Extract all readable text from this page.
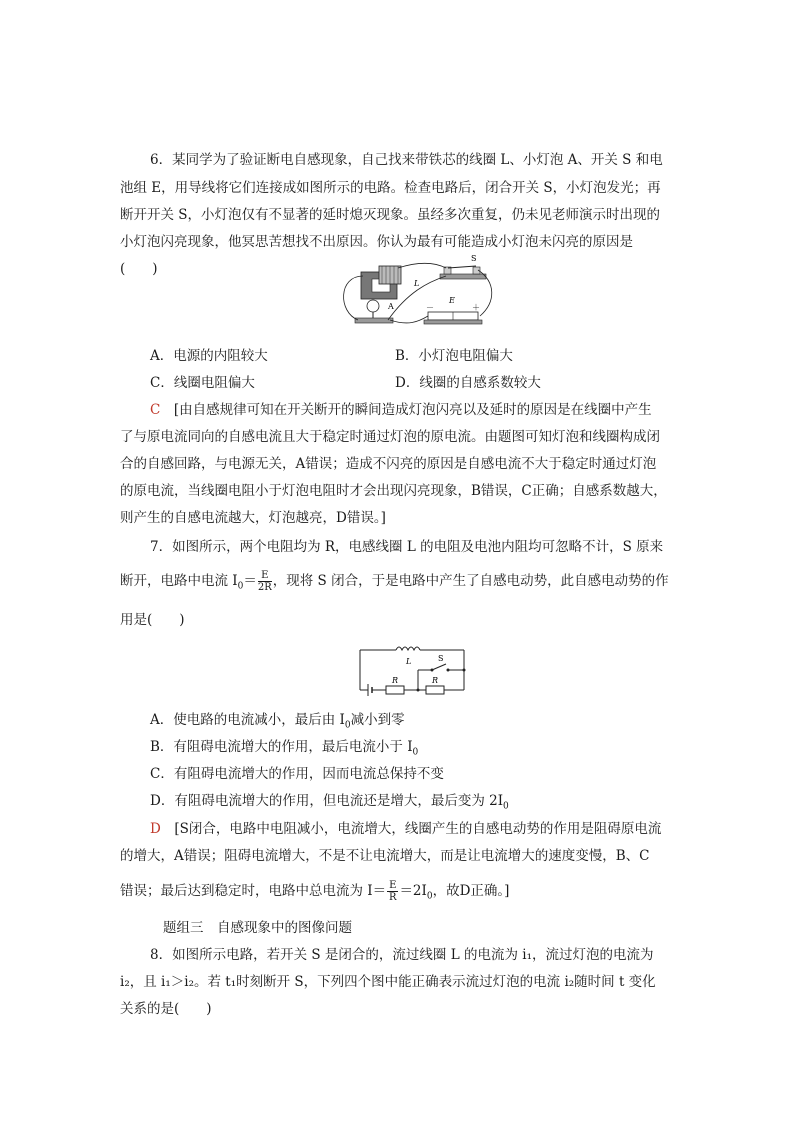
6．某同学为了验证断电自感现象，自己找来带铁芯的线圈 L、小灯泡 A、开关 S 和电
池组 E，用导线将它们连接成如图所示的电路。检查电路后，闭合开关 S，小灯泡发光；再
断开开关 S，小灯泡仅有不显著的延时熄灭现象。虽经多次重复，仍未见老师演示时出现的
小灯泡闪亮现象，他冥思苦想找不出原因。你认为最有可能造成小灯泡未闪亮的原因是
(　　)
L
S
A
E
－	＋
A．电源的内阻较大	B．小灯泡电阻偏大
C．线圈电阻偏大	D．线圈的自感系数较大
C　 [由自感规律可知在开关断开的瞬间造成灯泡闪亮以及延时的原因是在线圈中产生
了与原电流同向的自感电流且大于稳定时通过灯泡的原电流。由题图可知灯泡和线圈构成闭
合的自感回路，与电源无关，A错误；造成不闪亮的原因是自感电流不大于稳定时通过灯泡
的原电流，当线圈电阻小于灯泡电阻时才会出现闪亮现象，B错误，C正确；自感系数越大，
则产生的自感电流越大，灯泡越亮，D错误。]
7．如图所示，两个电阻均为 R，电感线圈 L 的电阻及电池内阻均可忽略不计，S 原来
断开，电路中电流 $I_0= \frac{E}{2R}$ ，现将 S 闭合，于是电路中产生了自感电动势，此自感电动势的作
用是(　　)
L
R	R
S
A．使电路的电流减小，最后由 $I_0$减小到零
B．有阻碍电流增大的作用，最后电流小于 $I_0$
C．有阻碍电流增大的作用，因而电流总保持不变
D．有阻碍电流增大的作用，但电流还是增大，最后变为 $2I_0$
D　 [S闭合，电路中电阻减小，电流增大，线圈产生的自感电动势的作用是阻碍原电流
的增大，A错误；阻碍电流增大，不是不让电流增大，而是让电流增大的速度变慢，B、C
错误；最后达到稳定时，电路中总电流为 $I= \frac{E}{R} =2I_0$，故D正确。]
题组三　自感现象中的图像问题
8．如图所示电路，若开关 S 是闭合的，流过线圈 L 的电流为 i₁，流过灯泡的电流为
i₂，且 i₁＞i₂。若 t₁时刻断开 S，下列四个图中能正确表示流过灯泡的电流 i₂随时间 t 变化
关系的是(　　)
